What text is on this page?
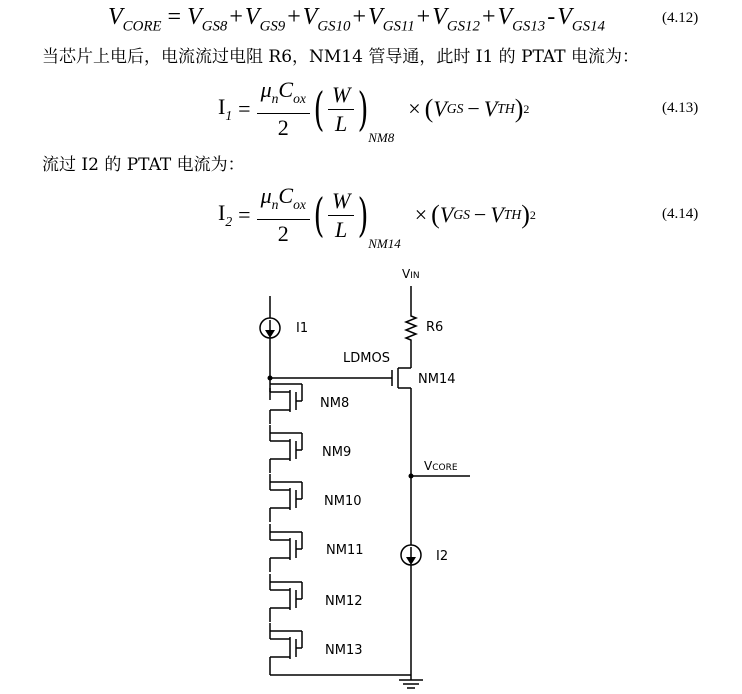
$V_{CORE} = V_{GS8}+V_{GS9}+V_{GS10}+V_{GS11}+V_{GS12}+V_{GS13}-V_{GS14}$
(4.12)
当芯片上电后，电流流过电阻 R6，NM14 管导通，此时 I1 的 PTAT 电流为：
$I_1 = \frac{\mu_nC_{ox}}{2}$ ( $\frac{W}{L}$ )
NM8
× ( V GS − V TH ) 2	(4.13)
流过 I2 的 PTAT 电流为：
$I_2 = \frac{\mu_nC_{ox}}{2}$ ( $\frac{W}{L}$ )
NM14
× ( V GS − V TH ) 2	(4.14)
NM8
NM9
NM10
NM11
NM12
NM13
VIN
R6
I1
LDMOS
NM14
VCORE
I2
